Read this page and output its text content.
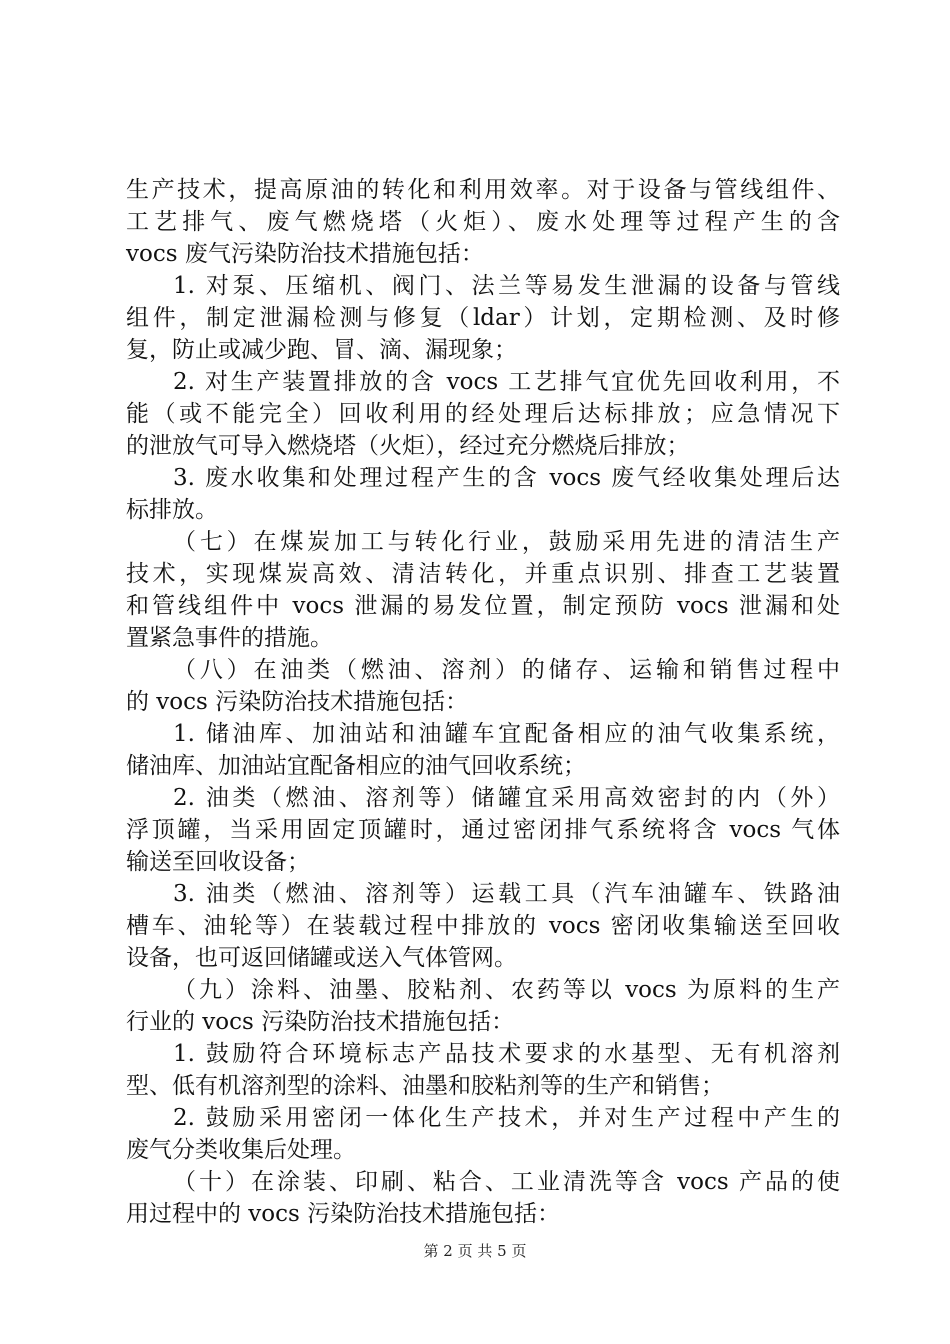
生产技术，提高原油的转化和利用效率。对于设备与管线组件、
工艺排气、废气燃烧塔（火炬）、废水处理等过程产生的含
vocs 废气污染防治技术措施包括：
1. 对泵、压缩机、阀门、法兰等易发生泄漏的设备与管线
组件，制定泄漏检测与修复（ldar）计划，定期检测、及时修
复，防止或减少跑、冒、滴、漏现象；
2. 对生产装置排放的含 vocs 工艺排气宜优先回收利用，不
能（或不能完全）回收利用的经处理后达标排放；应急情况下
的泄放气可导入燃烧塔（火炬），经过充分燃烧后排放；
3. 废水收集和处理过程产生的含 vocs 废气经收集处理后达
标排放。
（七）在煤炭加工与转化行业，鼓励采用先进的清洁生产
技术，实现煤炭高效、清洁转化，并重点识别、排查工艺装置
和管线组件中 vocs 泄漏的易发位置，制定预防 vocs 泄漏和处
置紧急事件的措施。
（八）在油类（燃油、溶剂）的储存、运输和销售过程中
的 vocs 污染防治技术措施包括：
1. 储油库、加油站和油罐车宜配备相应的油气收集系统，
储油库、加油站宜配备相应的油气回收系统；
2. 油类（燃油、溶剂等）储罐宜采用高效密封的内（外）
浮顶罐，当采用固定顶罐时，通过密闭排气系统将含 vocs 气体
输送至回收设备；
3. 油类（燃油、溶剂等）运载工具（汽车油罐车、铁路油
槽车、油轮等）在装载过程中排放的 vocs 密闭收集输送至回收
设备，也可返回储罐或送入气体管网。
（九）涂料、油墨、胶粘剂、农药等以 vocs 为原料的生产
行业的 vocs 污染防治技术措施包括：
1. 鼓励符合环境标志产品技术要求的水基型、无有机溶剂
型、低有机溶剂型的涂料、油墨和胶粘剂等的生产和销售；
2. 鼓励采用密闭一体化生产技术，并对生产过程中产生的
废气分类收集后处理。
（十）在涂装、印刷、粘合、工业清洗等含 vocs 产品的使
用过程中的 vocs 污染防治技术措施包括：
第 2 页 共 5 页
